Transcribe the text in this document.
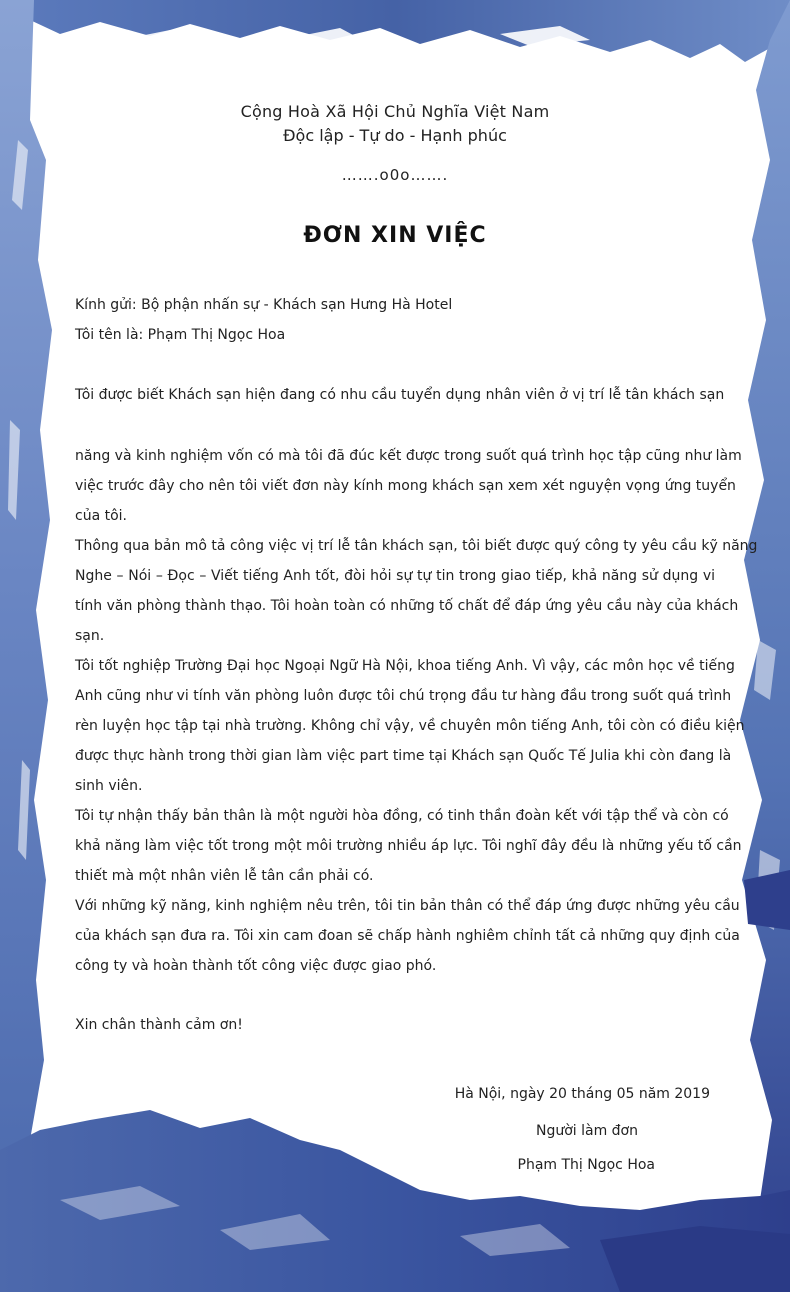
Cộng Hoà Xã Hội Chủ Nghĩa Việt Nam
Độc lập - Tự do - Hạnh phúc
…….o0o…….
ĐƠN XIN VIỆC
Kính gửi: Bộ phận nhấn sự - Khách sạn Hưng Hà Hotel
Tôi tên là: Phạm Thị Ngọc Hoa
Tôi được biết Khách sạn hiện đang có nhu cầu tuyển dụng nhân viên ở vị trí lễ tân khách sạn
năng và kinh nghiệm vốn có mà tôi đã đúc kết được trong suốt quá trình học tập cũng như làm
việc trước đây cho nên tôi viết đơn này kính mong khách sạn xem xét nguyện vọng ứng tuyển
của tôi.
Thông qua bản mô tả công việc vị trí lễ tân khách sạn, tôi biết được quý công ty yêu cầu kỹ năng
Nghe – Nói – Đọc – Viết tiếng Anh tốt, đòi hỏi sự tự tin trong giao tiếp, khả năng sử dụng vi
tính văn phòng thành thạo. Tôi hoàn toàn có những tố chất để đáp ứng yêu cầu này của khách
sạn.
Tôi tốt nghiệp Trường Đại học Ngoại Ngữ Hà Nội, khoa tiếng Anh. Vì vậy, các môn học về tiếng
Anh cũng như vi tính văn phòng luôn được tôi chú trọng đầu tư hàng đầu trong suốt quá trình
rèn luyện học tập tại nhà trường. Không chỉ vậy, về chuyên môn tiếng Anh, tôi còn có điều kiện
được thực hành trong thời gian làm việc part time tại Khách sạn Quốc Tế Julia khi còn đang là
sinh viên.
Tôi tự nhận thấy bản thân là một người hòa đồng, có tinh thần đoàn kết với tập thể và còn có
khả năng làm việc tốt trong một môi trường nhiều áp lực. Tôi nghĩ đây đều là những yếu tố cần
thiết mà một nhân viên lễ tân cần phải có.
Với những kỹ năng, kinh nghiệm nêu trên, tôi tin bản thân có thể đáp ứng được những yêu cầu
của khách sạn đưa ra. Tôi xin cam đoan sẽ chấp hành nghiêm chỉnh tất cả những quy định của
công ty và hoàn thành tốt công việc được giao phó.
Xin chân thành cảm ơn!
Hà Nội, ngày 20 tháng 05 năm 2019
Người làm đơn
Phạm Thị Ngọc Hoa
